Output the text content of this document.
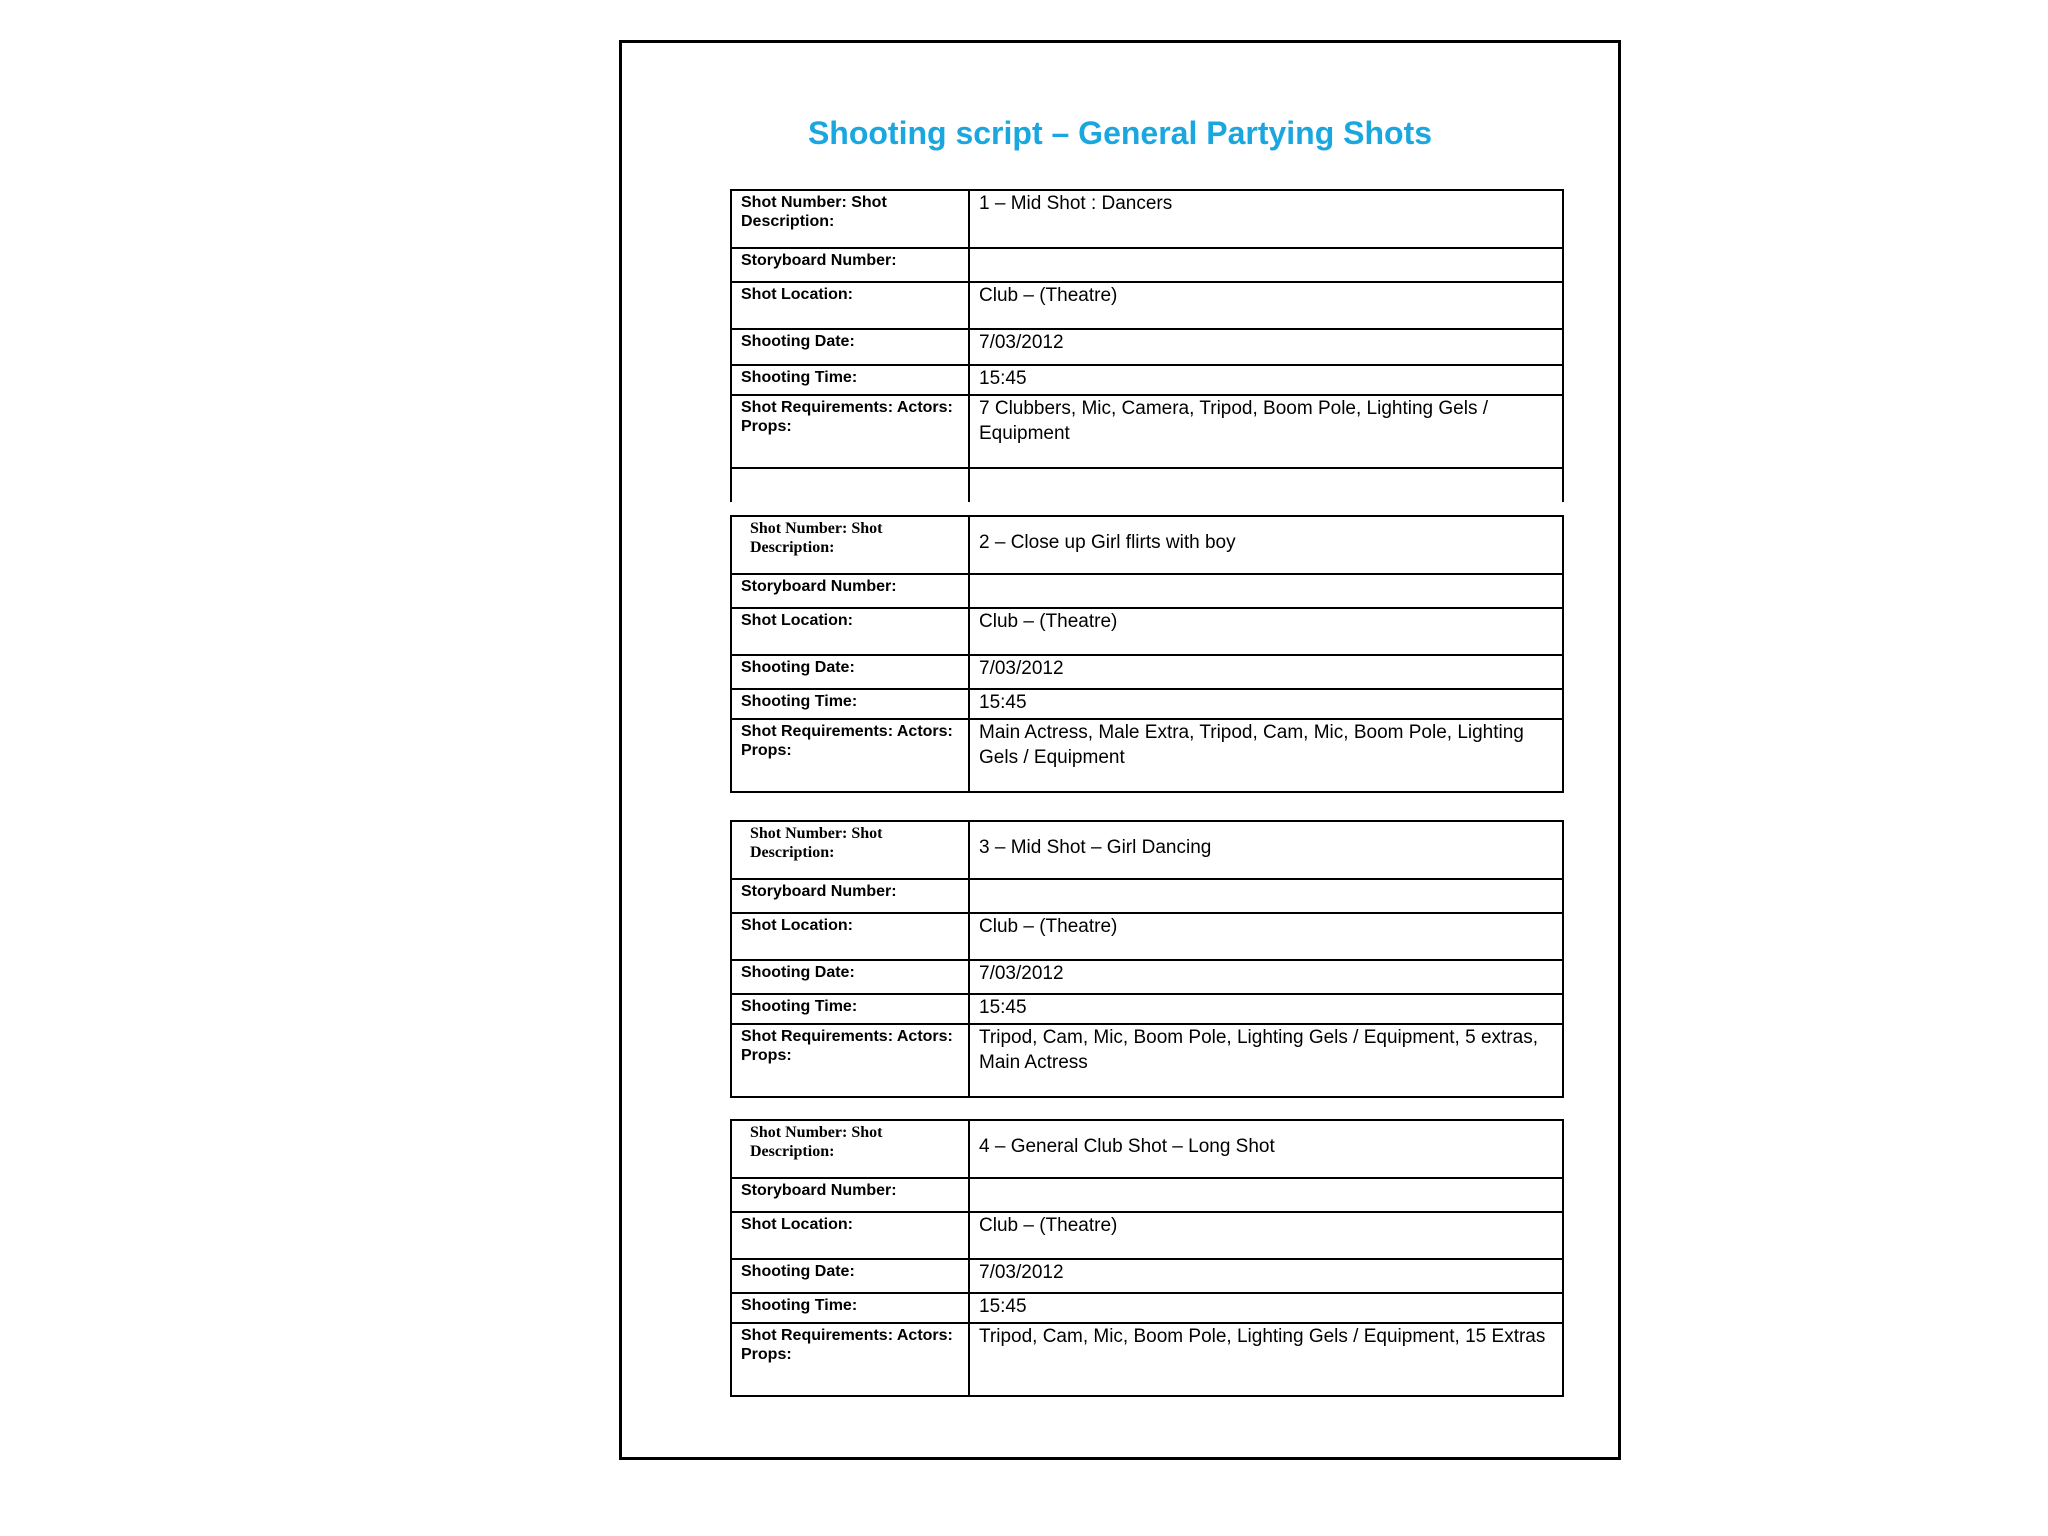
Shooting script – General Partying Shots
Shot Number: Shot Description:	1 – Mid Shot : Dancers
Storyboard Number:	
Shot Location:	Club – (Theatre)
Shooting Date:	7/03/2012
Shooting Time:	15:45
Shot Requirements: Actors: Props:	7 Clubbers, Mic, Camera, Tripod, Boom Pole, Lighting Gels / Equipment

Shot Number: Shot Description:	2 – Close up Girl flirts with boy

Storyboard Number:	
Shot Location:	Club – (Theatre)
Shooting Date:	7/03/2012
Shooting Time:	15:45
Shot Requirements: Actors: Props:	Main Actress, Male Extra, Tripod, Cam, Mic, Boom Pole, Lighting Gels / Equipment
Shot Number: Shot Description:	3 – Mid Shot – Girl Dancing

Storyboard Number:	
Shot Location:	Club – (Theatre)
Shooting Date:	7/03/2012
Shooting Time:	15:45
Shot Requirements: Actors: Props:	Tripod, Cam, Mic, Boom Pole, Lighting Gels / Equipment, 5 extras, Main Actress
Shot Number: Shot Description:	4 – General Club Shot – Long Shot

Storyboard Number:	
Shot Location:	Club – (Theatre)
Shooting Date:	7/03/2012
Shooting Time:	15:45
Shot Requirements: Actors: Props:	Tripod, Cam, Mic, Boom Pole, Lighting Gels / Equipment, 15 Extras
